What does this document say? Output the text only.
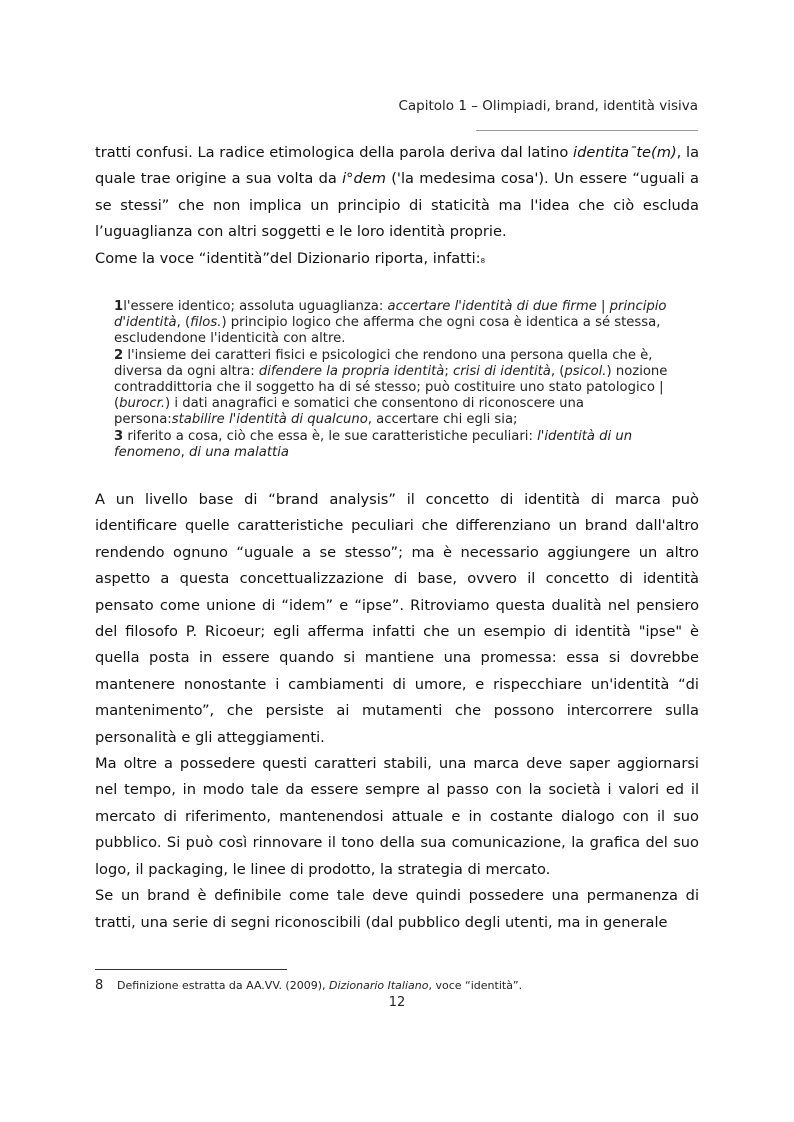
Capitolo 1 – Olimpiadi, brand, identità visiva

tratti confusi. La radice etimologica della parola deriva dal latino identita¯te(m), la quale trae origine a sua volta da i°dem ('la medesima cosa'). Un essere “uguali a se stessi” che non implica un principio di staticità ma l'idea che ciò escluda l’uguaglianza con altri soggetti e le loro identità proprie.

Come la voce “identità”del Dizionario riporta, infatti:$^8$

1l'essere identico; assoluta uguaglianza: accertare l'identità di due firme | principio d'identità, (filos.) principio logico che afferma che ogni cosa è identica a sé stessa, escludendone l'identicità con altre.
2 l'insieme dei caratteri fisici e psicologici che rendono una persona quella che è, diversa da ogni altra: difendere la propria identità; crisi di identità, (psicol.) nozione contraddittoria che il soggetto ha di sé stesso; può costituire uno stato patologico | (burocr.) i dati anagrafici e somatici che consentono di riconoscere una persona:stabilire l'identità di qualcuno, accertare chi egli sia;
3 riferito a cosa, ciò che essa è, le sue caratteristiche peculiari: l'identità di un fenomeno, di una malattia

A un livello base di “brand analysis” il concetto di identità di marca può identificare quelle caratteristiche peculiari che differenziano un brand dall'altro rendendo ognuno “uguale a se stesso”; ma è necessario aggiungere un altro aspetto a questa concettualizzazione di base, ovvero il concetto di identità pensato come unione di “idem” e “ipse”. Ritroviamo questa dualità nel pensiero del filosofo P. Ricoeur; egli afferma infatti che un esempio di identità "ipse" è quella posta in essere quando si mantiene una promessa: essa si dovrebbe mantenere nonostante i cambiamenti di umore, e rispecchiare un'identità “di mantenimento”, che persiste ai mutamenti che possono intercorrere sulla personalità e gli atteggiamenti.

Ma oltre a possedere questi caratteri stabili, una marca deve saper aggiornarsi nel tempo, in modo tale da essere sempre al passo con la società i valori ed il mercato di riferimento, mantenendosi attuale e in costante dialogo con il suo pubblico. Si può così rinnovare il tono della sua comunicazione, la grafica del suo logo, il packaging, le linee di prodotto, la strategia di mercato.

Se un brand è definibile come tale deve quindi possedere una permanenza di tratti, una serie di segni riconoscibili (dal pubblico degli utenti, ma in generale

8 Definizione estratta da AA.VV. (2009), Dizionario Italiano, voce “identità”.
12
